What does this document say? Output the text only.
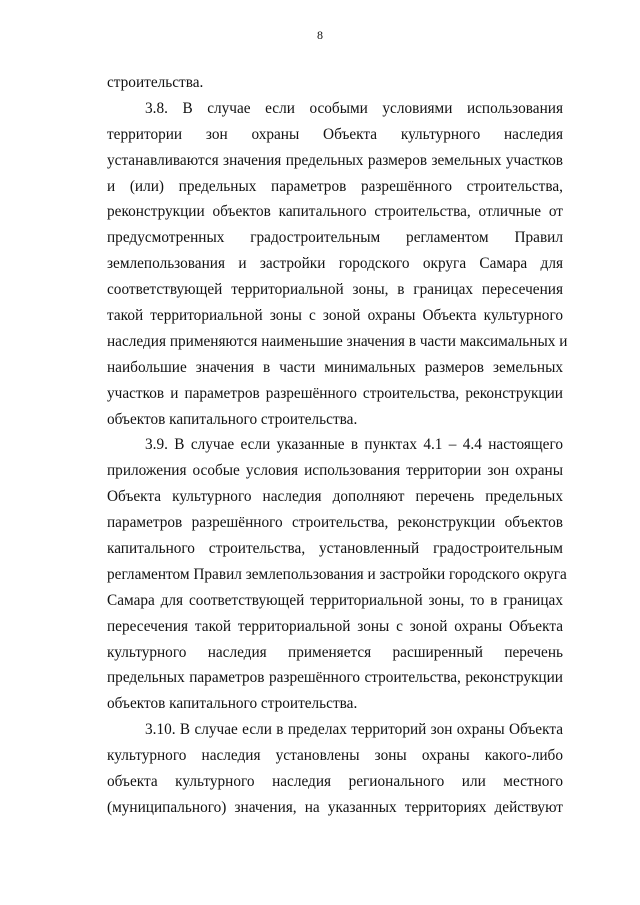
8
строительства.
3.8. В случае если особыми условиями использования
территории зон охраны Объекта культурного наследия
устанавливаются значения предельных размеров земельных участков
и (или) предельных параметров разрешённого строительства,
реконструкции объектов капитального строительства, отличные от
предусмотренных градостроительным регламентом Правил
землепользования и застройки городского округа Самара для
соответствующей территориальной зоны, в границах пересечения
такой территориальной зоны с зоной охраны Объекта культурного
наследия применяются наименьшие значения в части максимальных и
наибольшие значения в части минимальных размеров земельных
участков и параметров разрешённого строительства, реконструкции
объектов капитального строительства.
3.9. В случае если указанные в пунктах 4.1 – 4.4 настоящего
приложения особые условия использования территории зон охраны
Объекта культурного наследия дополняют перечень предельных
параметров разрешённого строительства, реконструкции объектов
капитального строительства, установленный градостроительным
регламентом Правил землепользования и застройки городского округа
Самара для соответствующей территориальной зоны, то в границах
пересечения такой территориальной зоны с зоной охраны Объекта
культурного наследия применяется расширенный перечень
предельных параметров разрешённого строительства, реконструкции
объектов капитального строительства.
3.10. В случае если в пределах территорий зон охраны Объекта
культурного наследия установлены зоны охраны какого-либо
объекта культурного наследия регионального или местного
(муниципального) значения, на указанных территориях действуют
